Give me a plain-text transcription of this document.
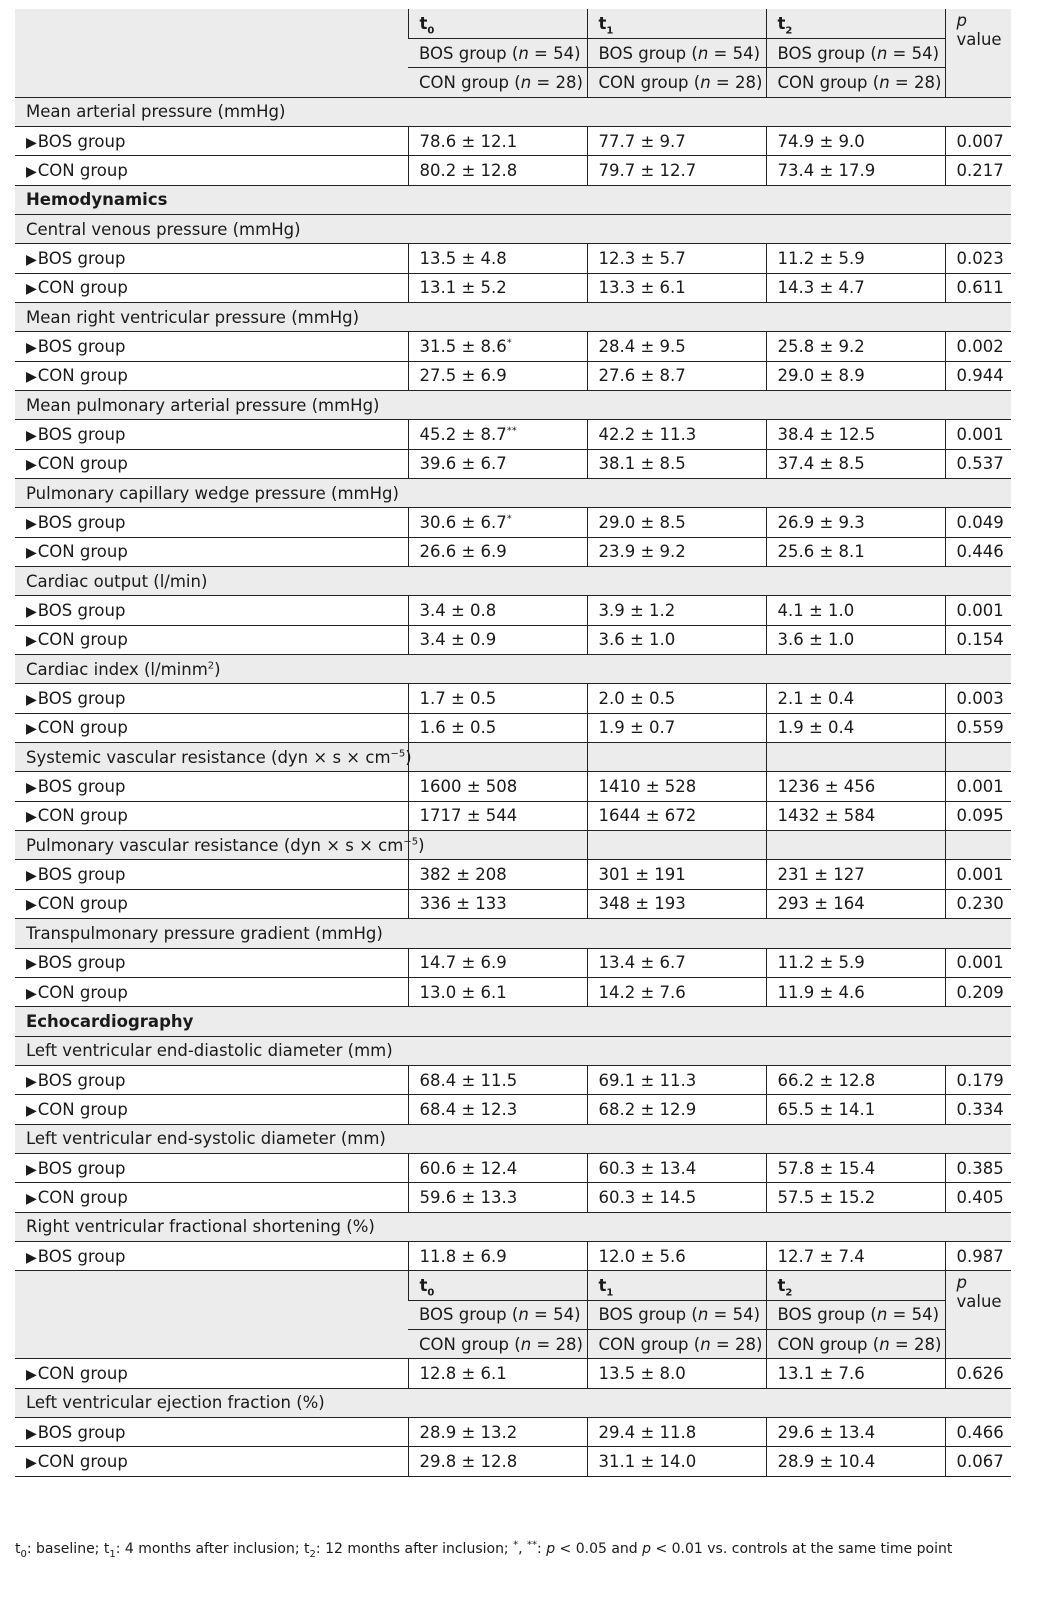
	$t_0$	$t_1$	$t_2$	p
value
	BOS group (n = 54)	BOS group (n = 54)	BOS group (n = 54)	
	CON group (n = 28)	CON group (n = 28)	CON group (n = 28)	
Mean arterial pressure (mmHg)				
▶BOS group	78.6 ± 12.1	77.7 ± 9.7	74.9 ± 9.0	0.007
▶CON group	80.2 ± 12.8	79.7 ± 12.7	73.4 ± 17.9	0.217
Hemodynamics				
Central venous pressure (mmHg)				
▶BOS group	13.5 ± 4.8	12.3 ± 5.7	11.2 ± 5.9	0.023
▶CON group	13.1 ± 5.2	13.3 ± 6.1	14.3 ± 4.7	0.611
Mean right ventricular pressure (mmHg)				
▶BOS group	31.5 ± 8.6*	28.4 ± 9.5	25.8 ± 9.2	0.002
▶CON group	27.5 ± 6.9	27.6 ± 8.7	29.0 ± 8.9	0.944
Mean pulmonary arterial pressure (mmHg)				
▶BOS group	45.2 ± 8.7**	42.2 ± 11.3	38.4 ± 12.5	0.001
▶CON group	39.6 ± 6.7	38.1 ± 8.5	37.4 ± 8.5	0.537
Pulmonary capillary wedge pressure (mmHg)				
▶BOS group	30.6 ± 6.7*	29.0 ± 8.5	26.9 ± 9.3	0.049
▶CON group	26.6 ± 6.9	23.9 ± 9.2	25.6 ± 8.1	0.446
Cardiac output (l/min)				
▶BOS group	3.4 ± 0.8	3.9 ± 1.2	4.1 ± 1.0	0.001
▶CON group	3.4 ± 0.9	3.6 ± 1.0	3.6 ± 1.0	0.154
Cardiac index (l/minm$^2$)				
▶BOS group	1.7 ± 0.5	2.0 ± 0.5	2.1 ± 0.4	0.003
▶CON group	1.6 ± 0.5	1.9 ± 0.7	1.9 ± 0.4	0.559
Systemic vascular resistance $(dyn \times s \times cm^{-5})$				
▶BOS group	1600 ± 508	1410 ± 528	1236 ± 456	0.001
▶CON group	1717 ± 544	1644 ± 672	1432 ± 584	0.095
Pulmonary vascular resistance $(dyn \times s \times cm^{-5})$				
▶BOS group	382 ± 208	301 ± 191	231 ± 127	0.001
▶CON group	336 ± 133	348 ± 193	293 ± 164	0.230
Transpulmonary pressure gradient (mmHg)				
▶BOS group	14.7 ± 6.9	13.4 ± 6.7	11.2 ± 5.9	0.001
▶CON group	13.0 ± 6.1	14.2 ± 7.6	11.9 ± 4.6	0.209
Echocardiography				
Left ventricular end-diastolic diameter (mm)				
▶BOS group	68.4 ± 11.5	69.1 ± 11.3	66.2 ± 12.8	0.179
▶CON group	68.4 ± 12.3	68.2 ± 12.9	65.5 ± 14.1	0.334
Left ventricular end-systolic diameter (mm)				
▶BOS group	60.6 ± 12.4	60.3 ± 13.4	57.8 ± 15.4	0.385
▶CON group	59.6 ± 13.3	60.3 ± 14.5	57.5 ± 15.2	0.405
Right ventricular fractional shortening (%)				
▶BOS group	11.8 ± 6.9	12.0 ± 5.6	12.7 ± 7.4	0.987
	$t_0$	$t_1$	$t_2$	p
value
	BOS group (n = 54)	BOS group (n = 54)	BOS group (n = 54)	
	CON group (n = 28)	CON group (n = 28)	CON group (n = 28)	
▶CON group	12.8 ± 6.1	13.5 ± 8.0	13.1 ± 7.6	0.626
Left ventricular ejection fraction (%)				
▶BOS group	28.9 ± 13.2	29.4 ± 11.8	29.6 ± 13.4	0.466
▶CON group	29.8 ± 12.8	31.1 ± 14.0	28.9 ± 10.4	0.067
$t_0$: baseline; $t_1$: 4 months after inclusion; $t_2$: 12 months after inclusion; *, **: p < 0.05 and p < 0.01 vs. controls at the same time point
